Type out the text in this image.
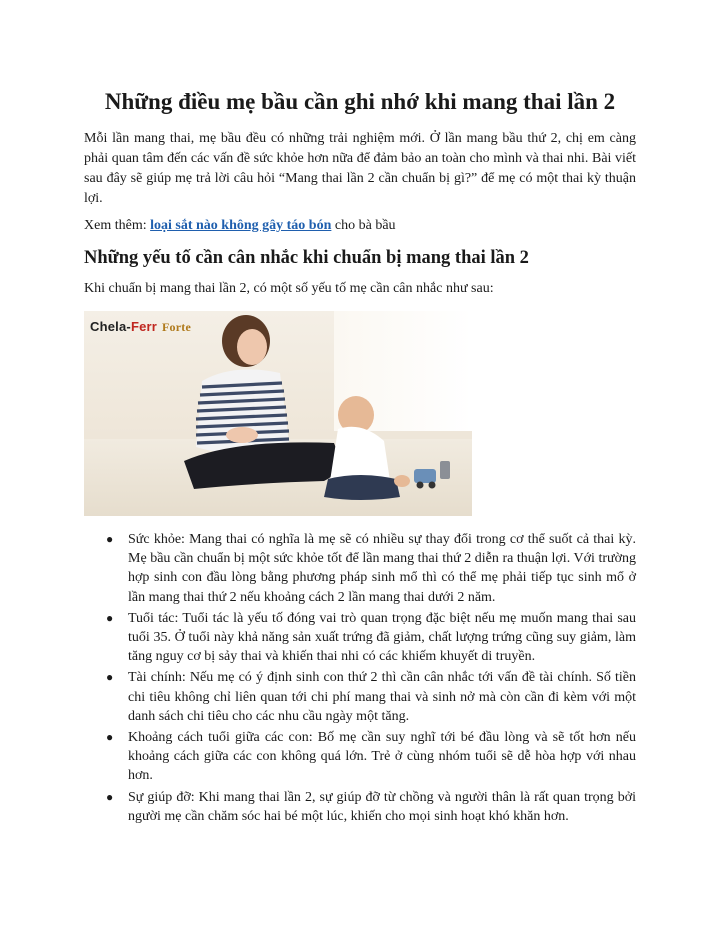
Những điều mẹ bầu cần ghi nhớ khi mang thai lần 2

Mỗi lần mang thai, mẹ bầu đều có những trải nghiệm mới. Ở lần mang bầu thứ 2, chị em càng phải quan tâm đến các vấn đề sức khỏe hơn nữa để đảm bảo an toàn cho mình và thai nhi. Bài viết sau đây sẽ giúp mẹ trả lời câu hỏi “Mang thai lần 2 cần chuẩn bị gì?” để mẹ có một thai kỳ thuận lợi.

Xem thêm: loại sắt nào không gây táo bón cho bà bầu

Những yếu tố cần cân nhắc khi chuẩn bị mang thai lần 2

Khi chuẩn bị mang thai lần 2, có một số yếu tố mẹ cần cân nhắc như sau:

Chela-Ferr Forte
● Sức khỏe: Mang thai có nghĩa là mẹ sẽ có nhiều sự thay đổi trong cơ thể suốt cả thai kỳ. Mẹ bầu cần chuẩn bị một sức khỏe tốt để lần mang thai thứ 2 diễn ra thuận lợi. Với trường hợp sinh con đầu lòng bằng phương pháp sinh mổ thì có thể mẹ phải tiếp tục sinh mổ ở lần mang thai thứ 2 nếu khoảng cách 2 lần mang thai dưới 2 năm.
● Tuổi tác: Tuổi tác là yếu tố đóng vai trò quan trọng đặc biệt nếu mẹ muốn mang thai sau tuổi 35. Ở tuổi này khả năng sản xuất trứng đã giảm, chất lượng trứng cũng suy giảm, làm tăng nguy cơ bị sảy thai và khiến thai nhi có các khiếm khuyết di truyền.
● Tài chính: Nếu mẹ có ý định sinh con thứ 2 thì cần cân nhắc tới vấn đề tài chính. Số tiền chi tiêu không chỉ liên quan tới chi phí mang thai và sinh nở mà còn cần đi kèm với một danh sách chi tiêu cho các nhu cầu ngày một tăng.
● Khoảng cách tuổi giữa các con: Bố mẹ cần suy nghĩ tới bé đầu lòng và sẽ tốt hơn nếu khoảng cách giữa các con không quá lớn. Trẻ ở cùng nhóm tuổi sẽ dễ hòa hợp với nhau hơn.
● Sự giúp đỡ: Khi mang thai lần 2, sự giúp đỡ từ chồng và người thân là rất quan trọng bởi người mẹ cần chăm sóc hai bé một lúc, khiến cho mọi sinh hoạt khó khăn hơn.
